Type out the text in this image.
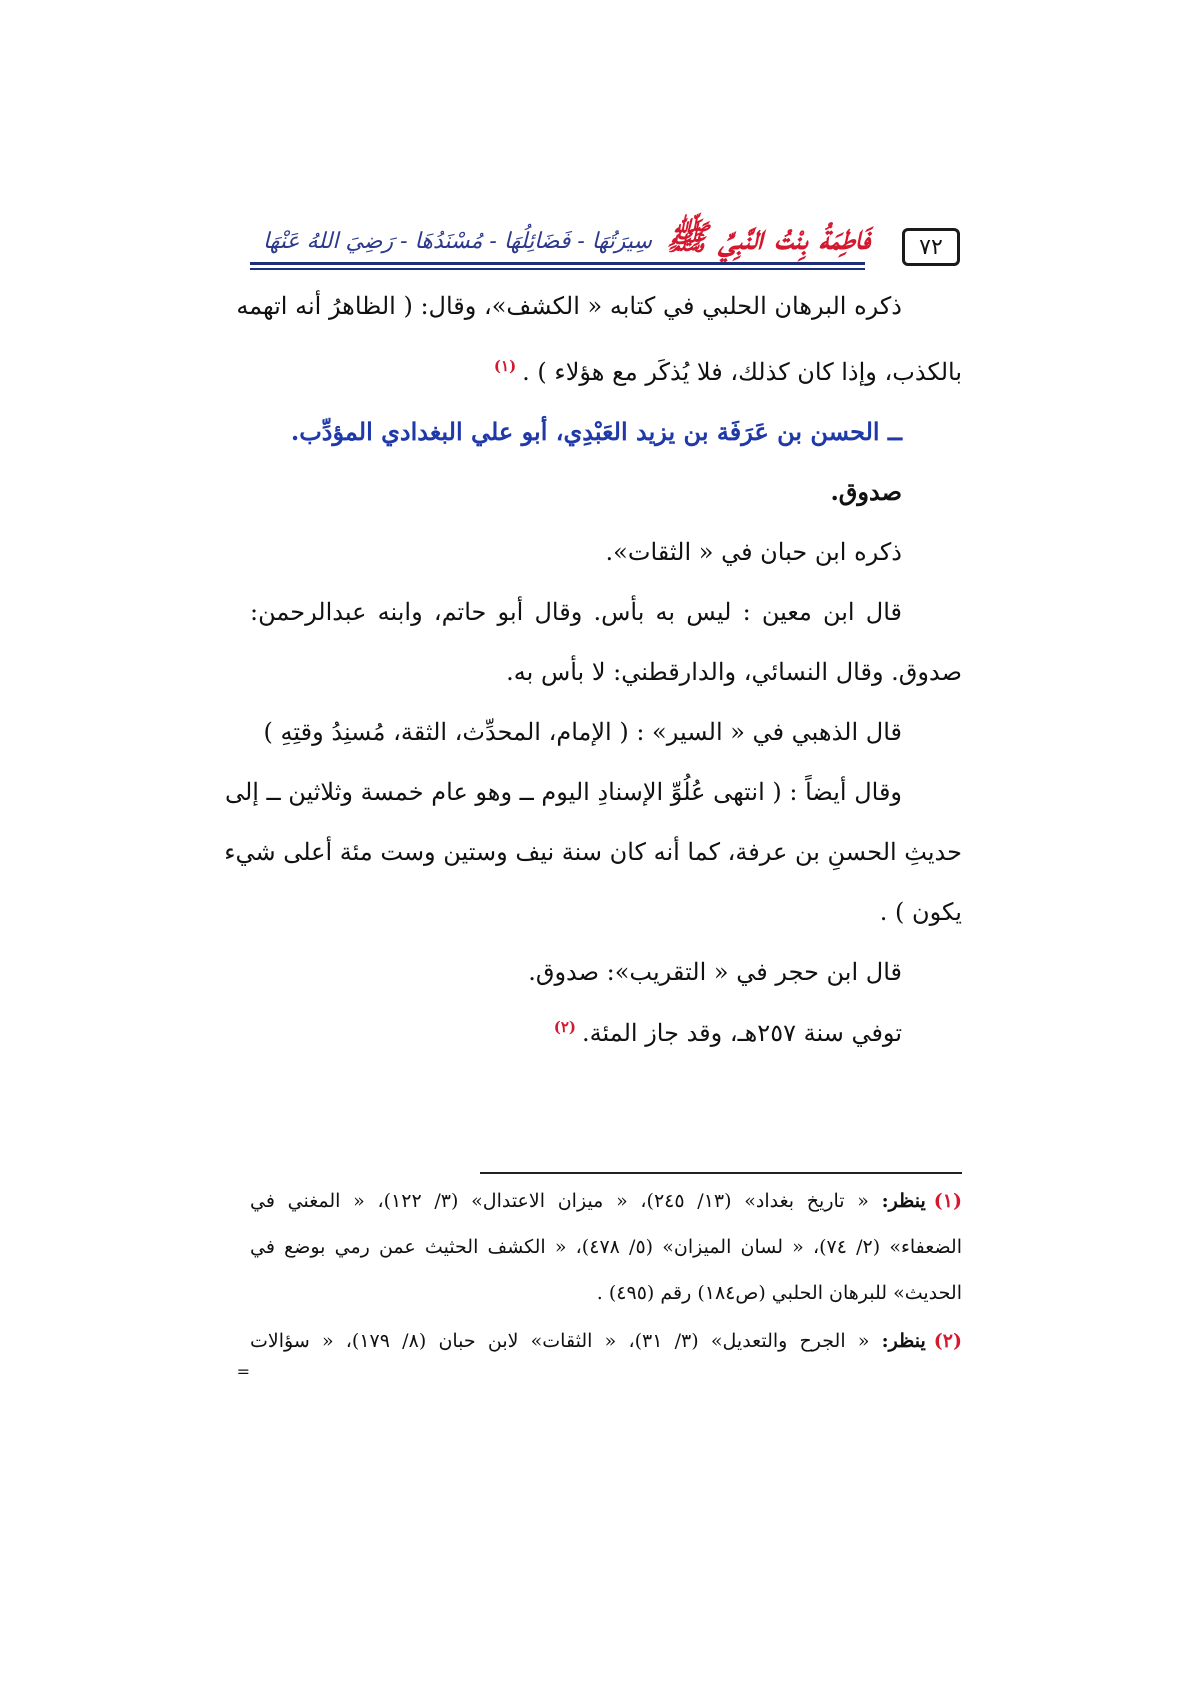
فَاطِمَةُ بِنْتُ النَّبِيِّ ﷺ
سِيرَتُهَا - فَضَائِلُهَا - مُسْنَدُهَا - رَضِيَ اللهُ عَنْهَا	٧٢
ذكره البرهان الحلبي في كتابه « الكشف»، وقال: ( الظاهرُ أنه اتهمه
بالكذب، وإذا كان كذلك، فلا يُذكَر مع هؤلاء ) .$^{(١)}$
ــ الحسن بن عَرَفَة بن يزيد العَبْدِي، أبو علي البغدادي المؤدِّب.
صدوق.
ذكره ابن حبان في « الثقات».
قال ابن معين : ليس به بأس. وقال أبو حاتم، وابنه عبدالرحمن:
صدوق. وقال النسائي، والدارقطني: لا بأس به.
قال الذهبي في « السير» : ( الإمام، المحدِّث، الثقة، مُسنِدُ وقتِهِ )
وقال أيضاً : ( انتهى عُلُوِّ الإسنادِ اليوم ــ وهو عام خمسة وثلاثين ــ إلى
حديثِ الحسنِ بن عرفة، كما أنه كان سنة نيف وستين وست مئة أعلى شيء
يكون ) .
قال ابن حجر في « التقريب»: صدوق.
توفي سنة ٢٥٧هـ، وقد جاز المئة.$^{(٢)}$
(١)ينظر: « تاريخ بغداد» (١٣/ ٢٤٥)، « ميزان الاعتدال» (٣/ ١٢٢)، « المغني في
الضعفاء» (٢/ ٧٤)، « لسان الميزان» (٥/ ٤٧٨)، « الكشف الحثيث عمن رمي بوضع في
الحديث» للبرهان الحلبي (ص١٨٤) رقم (٤٩٥) .
(٢)ينظر: « الجرح والتعديل» (٣/ ٣١)، « الثقات» لابن حبان (٨/ ١٧٩)، « سؤالات
=
